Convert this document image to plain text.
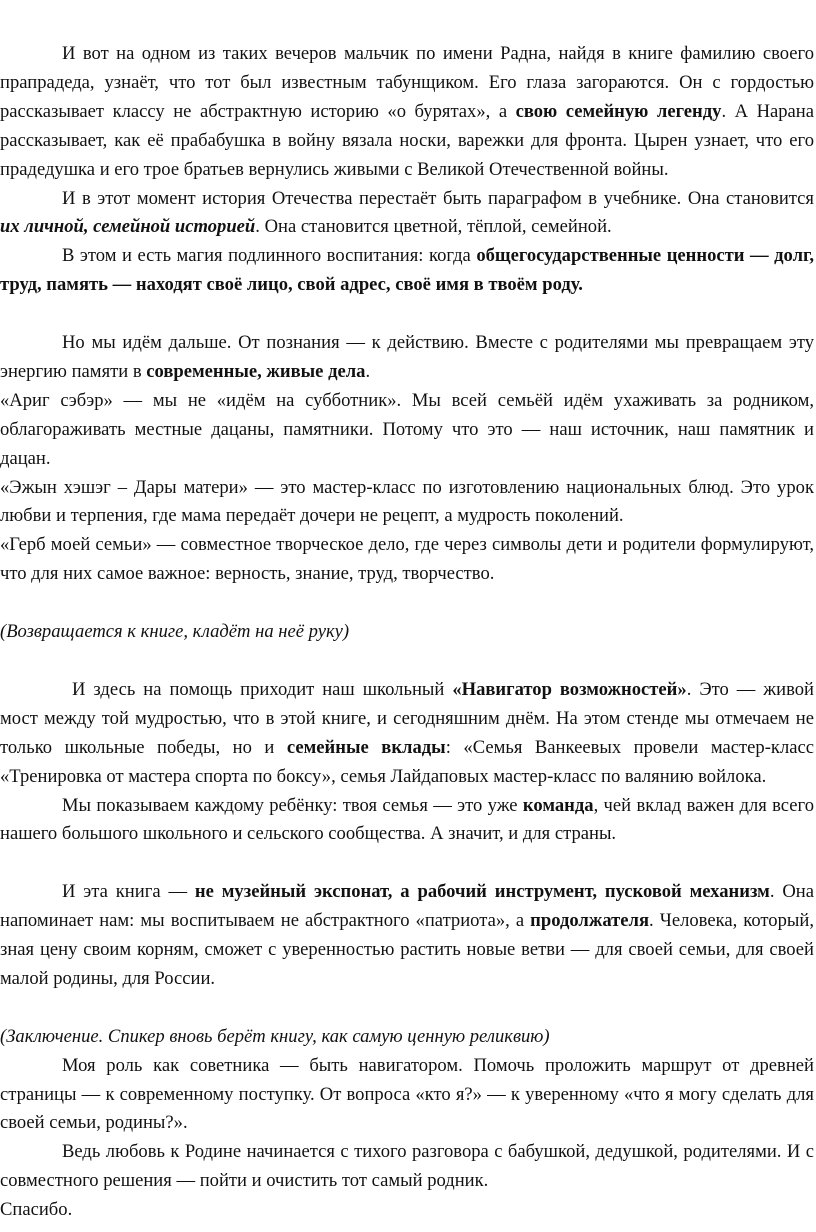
И вот на одном из таких вечеров мальчик по имени Радна, найдя в книге фамилию своего прапрадеда, узнаёт, что тот был известным табунщиком. Его глаза загораются. Он с гордостью рассказывает классу не абстрактную историю «о бурятах», а свою семейную легенду. А Нарана рассказывает, как её прабабушка в войну вязала носки, варежки для фронта. Цырен узнает, что его прадедушка и его трое братьев вернулись живыми с Великой Отечественной войны.

И в этот момент история Отечества перестаёт быть параграфом в учебнике. Она становится их личной, семейной историей. Она становится цветной, тёплой, семейной.

В этом и есть магия подлинного воспитания: когда общегосударственные ценности — долг, труд, память — находят своё лицо, свой адрес, своё имя в твоём роду.

Но мы идём дальше. От познания — к действию. Вместе с родителями мы превращаем эту энергию памяти в современные, живые дела.

«Ариг сэбэр» — мы не «идём на субботник». Мы всей семьёй идём ухаживать за родником, облагораживать местные дацаны, памятники. Потому что это — наш источник, наш памятник и дацан.

«Эжын хэшэг – Дары матери» — это мастер-класс по изготовлению национальных блюд. Это урок любви и терпения, где мама передаёт дочери не рецепт, а мудрость поколений.

«Герб моей семьи» — совместное творческое дело, где через символы дети и родители формулируют, что для них самое важное: верность, знание, труд, творчество.

(Возвращается к книге, кладёт на неё руку)

И здесь на помощь приходит наш школьный «Навигатор возможностей». Это — живой мост между той мудростью, что в этой книге, и сегодняшним днём. На этом стенде мы отмечаем не только школьные победы, но и семейные вклады: «Семья Ванкеевых провели мастер-класс «Тренировка от мастера спорта по боксу», семья Лайдаповых мастер-класс по валянию войлока.

Мы показываем каждому ребёнку: твоя семья — это уже команда, чей вклад важен для всего нашего большого школьного и сельского сообщества. А значит, и для страны.

И эта книга — не музейный экспонат, а рабочий инструмент, пусковой механизм. Она напоминает нам: мы воспитываем не абстрактного «патриота», а продолжателя. Человека, который, зная цену своим корням, сможет с уверенностью растить новые ветви — для своей семьи, для своей малой родины, для России.

(Заключение. Спикер вновь берёт книгу, как самую ценную реликвию)

Моя роль как советника — быть навигатором. Помочь проложить маршрут от древней страницы — к современному поступку. От вопроса «кто я?» — к уверенному «что я могу сделать для своей семьи, родины?».

Ведь любовь к Родине начинается с тихого разговора с бабушкой, дедушкой, родителями. И с совместного решения — пойти и очистить тот самый родник.

Спасибо.
